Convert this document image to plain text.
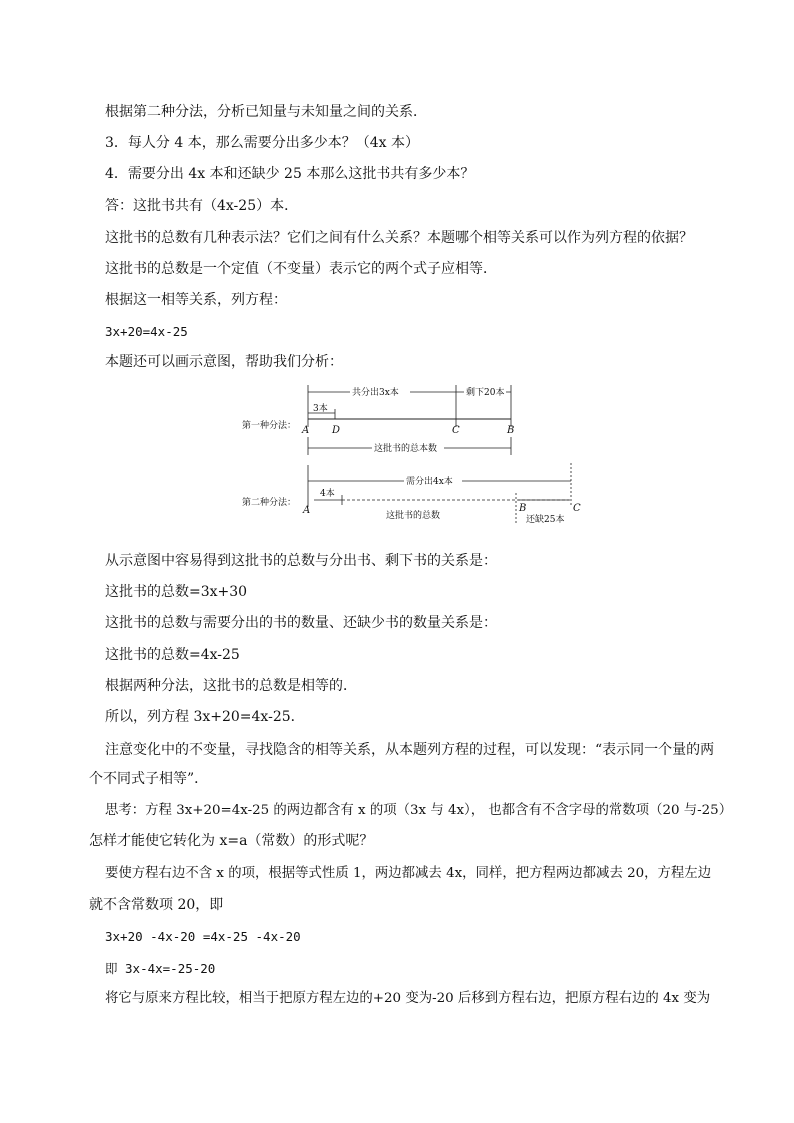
根据第二种分法，分析已知量与未知量之间的关系．
3．每人分 4 本，那么需要分出多少本？（4x 本）
4．需要分出 4x 本和还缺少 25 本那么这批书共有多少本？
答：这批书共有（4x-25）本．
这批书的总数有几种表示法？它们之间有什么关系？本题哪个相等关系可以作为列方程的依据？
这批书的总数是一个定值（不变量）表示它的两个式子应相等．
根据这一相等关系，列方程：
3x+20=4x-25
本题还可以画示意图，帮助我们分析：
第一种分法：
共分出3x本	剩下20本
3本
A D	C	B
这批书的总本数
第二种分法：
需分出4x本
4本
这批书的总数
A	B	C
还缺25本
从示意图中容易得到这批书的总数与分出书、剩下书的关系是：
这批书的总数=3x+30
这批书的总数与需要分出的书的数量、还缺少书的数量关系是：
这批书的总数=4x-25
根据两种分法，这批书的总数是相等的．
所以，列方程 3x+20=4x-25．
注意变化中的不变量，寻找隐含的相等关系，从本题列方程的过程，可以发现：“表示同一个量的两
个不同式子相等”．
思考：方程 3x+20=4x-25 的两边都含有 x 的项（3x 与 4x）， 也都含有不含字母的常数项（20 与-25）
怎样才能使它转化为 x=a（常数）的形式呢？
要使方程右边不含 x 的项，根据等式性质 1，两边都减去 4x，同样，把方程两边都减去 20，方程左边
就不含常数项 20，即
3x+20 -4x-20 =4x-25 -4x-20
即 3x-4x=-25-20
将它与原来方程比较，相当于把原方程左边的+20 变为-20 后移到方程右边，把原方程右边的 4x 变为
